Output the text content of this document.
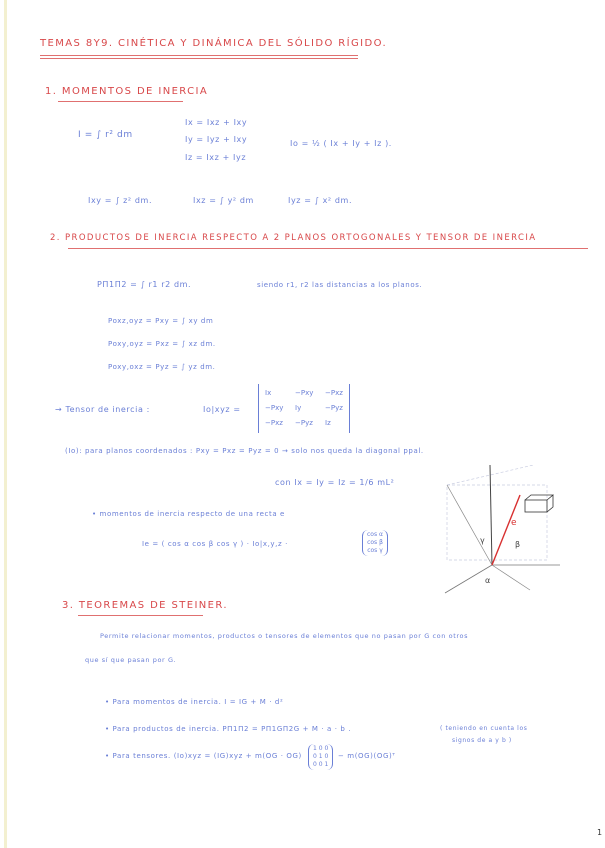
TEMAS 8Y9. CINÉTICA Y DINÁMICA DEL SÓLIDO RÍGIDO.
1. MOMENTOS DE INERCIA
I = ∫ r² dm
Ix = Ixz + Ixy
Iy = Iyz + Ixy
Iz = Ixz + Iyz
Io = ½ ( Ix + Iy + Iz ).
Ixy = ∫ z² dm.	Ixz = ∫ y² dm	Iyz = ∫ x² dm.
2. PRODUCTOS DE INERCIA RESPECTO A 2 PLANOS ORTOGONALES Y TENSOR DE INERCIA
PΠ1Π2 = ∫ r1 r2 dm.	siendo r1, r2 las distancias a los planos.
Poxz,oyz = Pxy = ∫ xy dm
Poxy,oyz = Pxz = ∫ xz dm.
Poxy,oxz = Pyz = ∫ yz dm.
→ Tensor de inercia :	Io|xyz =
Ix	−Pxy −Pxz
−Pxy Iy	−Pyz
−Pxz −Pyz Iz
(Io): para planos coordenados : Pxy = Pxz = Pyz = 0 → solo nos queda la diagonal ppal.
con Ix = Iy = Iz = 1/6 mL²
• momentos de inercia respecto de una recta e
Ie = ( cos α cos β cos γ ) · Io|x,y,z ·
cos α
cos β
cos γ
e
γ	β
α
3. TEOREMAS DE STEINER.
Permite relacionar momentos, productos o tensores de elementos que no pasan por G con otros
que sí que pasan por G.
• Para momentos de inercia. I = IG + M · d²
• Para productos de inercia. PΠ1Π2 = PΠ1GΠ2G + M · a · b .	( teniendo en cuenta los
signos de a y b )
• Para tensores. (Io)xyz = (IG)xyz + m(OG · OG)
1 0 0
0 1 0
0 0 1
− m(OG)(OG)ᵀ
1
